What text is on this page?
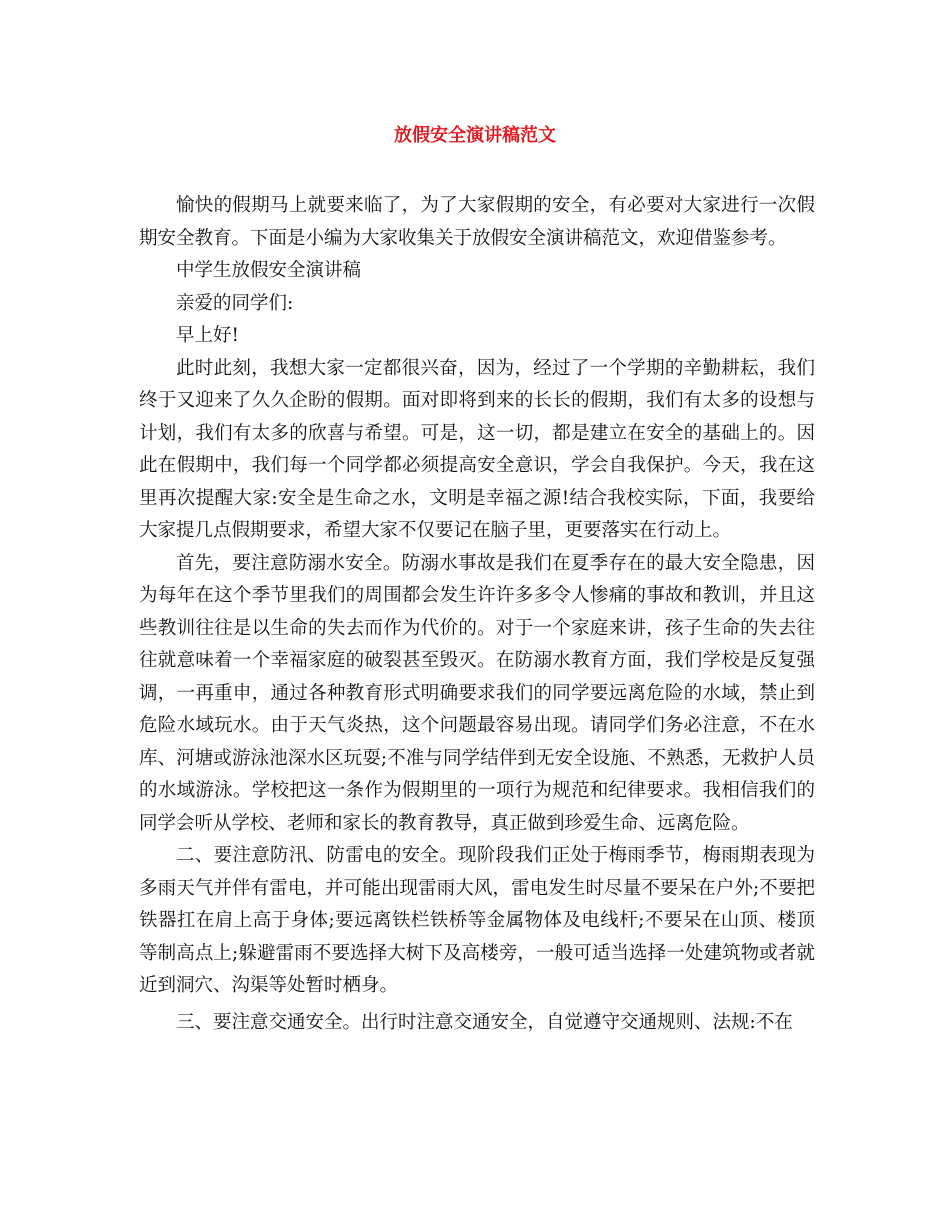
放假安全演讲稿范文

愉快的假期马上就要来临了，为了大家假期的安全，有必要对大家进行一次假期安全教育。下面是小编为大家收集关于放假安全演讲稿范文，欢迎借鉴参考。

中学生放假安全演讲稿

亲爱的同学们:

早上好!

此时此刻，我想大家一定都很兴奋，因为，经过了一个学期的辛勤耕耘，我们终于又迎来了久久企盼的假期。面对即将到来的长长的假期，我们有太多的设想与计划，我们有太多的欣喜与希望。可是，这一切，都是建立在安全的基础上的。因此在假期中，我们每一个同学都必须提高安全意识，学会自我保护。今天，我在这里再次提醒大家:安全是生命之水，文明是幸福之源!结合我校实际，下面，我要给大家提几点假期要求，希望大家不仅要记在脑子里，更要落实在行动上。

首先，要注意防溺水安全。防溺水事故是我们在夏季存在的最大安全隐患，因为每年在这个季节里我们的周围都会发生许许多多令人惨痛的事故和教训，并且这些教训往往是以生命的失去而作为代价的。对于一个家庭来讲，孩子生命的失去往往就意味着一个幸福家庭的破裂甚至毁灭。在防溺水教育方面，我们学校是反复强调，一再重申，通过各种教育形式明确要求我们的同学要远离危险的水域，禁止到危险水域玩水。由于天气炎热，这个问题最容易出现。请同学们务必注意，不在水库、河塘或游泳池深水区玩耍;不准与同学结伴到无安全设施、不熟悉，无救护人员的水域游泳。学校把这一条作为假期里的一项行为规范和纪律要求。我相信我们的同学会听从学校、老师和家长的教育教导，真正做到珍爱生命、远离危险。

二、要注意防汛、防雷电的安全。现阶段我们正处于梅雨季节，梅雨期表现为多雨天气并伴有雷电，并可能出现雷雨大风，雷电发生时尽量不要呆在户外;不要把铁器扛在肩上高于身体;要远离铁栏铁桥等金属物体及电线杆;不要呆在山顶、楼顶等制高点上;躲避雷雨不要选择大树下及高楼旁，一般可适当选择一处建筑物或者就近到洞穴、沟渠等处暂时栖身。

三、要注意交通安全。出行时注意交通安全，自觉遵守交通规则、法规:不在
